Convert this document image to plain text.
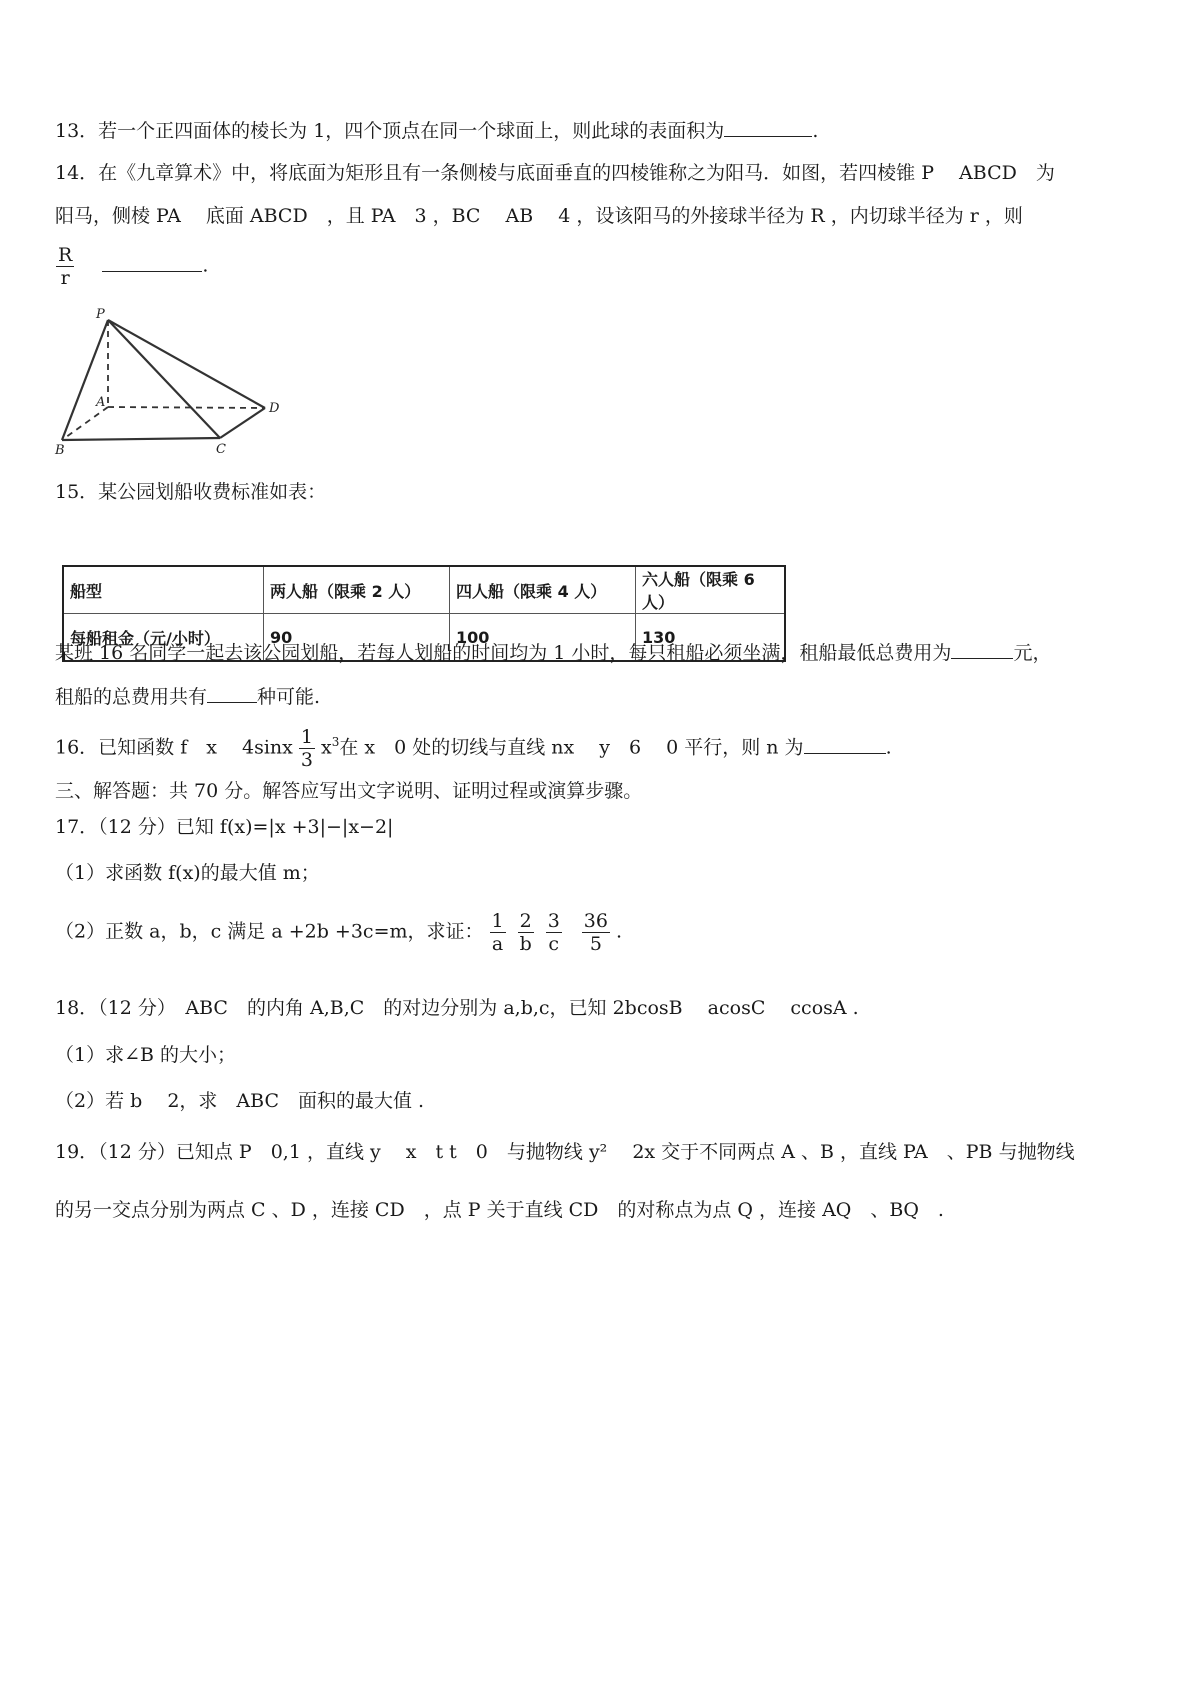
13．若一个正四面体的棱长为 1，四个顶点在同一个球面上，则此球的表面积为	.
14．在《九章算术》中，将底面为矩形且有一条侧棱与底面垂直的四棱锥称之为阳马．如图，若四棱锥 P　 ABCD　为
阳马，侧棱 PA　 底面 ABCD　，且 PA　3 ，BC　 AB　 4 ，设该阳马的外接球半径为 R ，内切球半径为 r ，则
$\frac{R}{r}$	.
P
A	D
B	C
15．某公园划船收费标准如表：
船型	两人船（限乘 2 人）	四人船（限乘 4 人）	六人船（限乘 6 人）
每船租金（元/小时）	90	100	130
某班 16 名同学一起去该公园划船，若每人划船的时间均为 1 小时，每只租船必须坐满，租船最低总费用为	元，
租船的总费用共有	种可能.
16．已知函数 f　x　 $4\sin x \frac{1}{3} x^3$在 x　0 处的切线与直线 nx　 y　6　 0 平行，则 n 为	.
三、解答题：共 70 分。解答应写出文字说明、证明过程或演算步骤。
17．（12 分）已知 f(x)=|x +3|−|x−2|
（1）求函数 f(x)的最大值 m；
（2）正数 a，b，c 满足 a +2b +3c=m，求证： $\frac{1}{a} \frac{2}{b} \frac{3}{c} \frac{36}{5}$ .
18．（12 分）　ABC　的内角 A,B,C　的对边分别为 a,b,c，已知 2bcosB　 acosC　 ccosA .
（1）求∠B 的大小；
（2）若 b　 2，求　ABC　面积的最大值 .
19．（12 分）已知点 P　0,1 ，直线 y　 x　t t　0　与抛物线 y² 　2x 交于不同两点 A 、B ，直线 PA　、PB 与抛物线
的另一交点分别为两点 C 、D ，连接 CD　，点 P 关于直线 CD　的对称点为点 Q ，连接 AQ　、BQ　.
